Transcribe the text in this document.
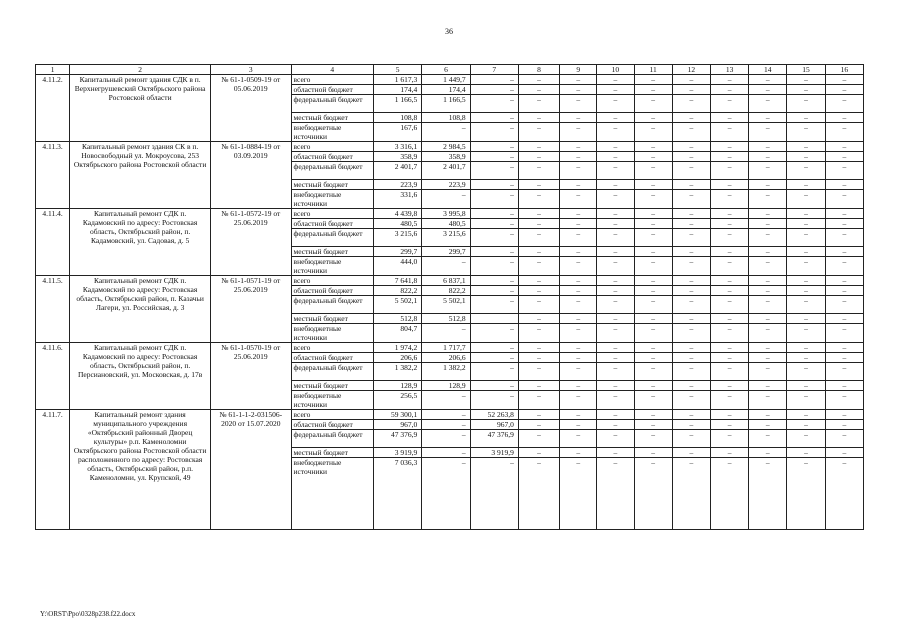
36
1	2	3	4	5	6	7	8	9	10	11	12	13	14	15	16
4.11.2.	Капитальный ремонт здания СДК в п. Верхнегрушевский Октябрьского района Ростовской области	№ 61-1-0509-19 от 05.06.2019	всего	1 617,3	1 449,7	–	–	–	–	–	–	–	–	–	–
			областной бюджет	174,4	174,4	–	–	–	–	–	–	–	–	–	–
			федеральный бюджет	1 166,5	1 166,5	–	–	–	–	–	–	–	–	–	–
			местный бюджет	108,8	108,8	–	–	–	–	–	–	–	–	–	–
			внебюджетные источники	167,6	–	–	–	–	–	–	–	–	–	–	–
4.11.3.	Капитальный ремонт здания СК в п. Новосвободный ул. Мокроусова, 253 Октябрьского района Ростовской области	№ 61-1-0884-19 от 03.09.2019	всего	3 316,1	2 984,5	–	–	–	–	–	–	–	–	–	–
			областной бюджет	358,9	358,9	–	–	–	–	–	–	–	–	–	–
			федеральный бюджет	2 401,7	2 401,7	–	–	–	–	–	–	–	–	–	–
			местный бюджет	223,9	223,9	–	–	–	–	–	–	–	–	–	–
			внебюджетные источники	331,6	–	–	–	–	–	–	–	–	–	–	–
4.11.4.	Капитальный ремонт СДК п. Кадамовский по адресу: Ростовская область, Октябрьский район, п. Кадамовский, ул. Садовая, д. 5	№ 61-1-0572-19 от 25.06.2019	всего	4 439,8	3 995,8	–	–	–	–	–	–	–	–	–	–
			областной бюджет	480,5	480,5	–	–	–	–	–	–	–	–	–	–
			федеральный бюджет	3 215,6	3 215,6	–	–	–	–	–	–	–	–	–	–
			местный бюджет	299,7	299,7	–	–	–	–	–	–	–	–	–	–
			внебюджетные источники	444,0	–	–	–	–	–	–	–	–	–	–	–
4.11.5.	Капитальный ремонт СДК п. Кадамовский по адресу: Ростовская область, Октябрьский район, п. Казачьи Лагери, ул. Российская, д. 3	№ 61-1-0571-19 от 25.06.2019	всего	7 641,8	6 837,1	–	–	–	–	–	–	–	–	–	–
			областной бюджет	822,2	822,2	–	–	–	–	–	–	–	–	–	–
			федеральный бюджет	5 502,1	5 502,1	–	–	–	–	–	–	–	–	–	–
			местный бюджет	512,8	512,8		–	–	–	–	–	–	–	–	–
			внебюджетные источники	804,7	–	–	–	–	–	–	–	–	–	–	–
4.11.6.	Капитальный ремонт СДК п. Кадамовский по адресу: Ростовская область, Октябрьский район, п. Персиановский, ул. Московская, д. 17в	№ 61-1-0570-19 от 25.06.2019	всего	1 974,2	1 717,7	–	–	–	–	–	–	–	–	–	–
			областной бюджет	206,6	206,6	–	–	–	–	–	–	–	–	–	–
			федеральный бюджет	1 382,2	1 382,2	–	–	–	–	–	–	–	–	–	–
			местный бюджет	128,9	128,9	–	–	–	–	–	–	–	–	–	–
			внебюджетные источники	256,5	–	–	–	–	–	–	–	–	–	–	–
4.11.7.	Капитальный ремонт здания муниципального учреждения «Октябрьский районный Дворец культуры» р.п. Каменоломни Октябрьского района Ростовской области расположенного по адресу: Ростовская область, Октябрьский район, р.п. Каменоломни, ул. Крупской, 49	№ 61-1-1-2-031506-2020 от 15.07.2020	всего	59 300,1	–	52 263,8	–	–	–	–	–	–	–	–	–
			областной бюджет	967,0	–	967,0	–	–	–	–	–	–	–	–	–
			федеральный бюджет	47 376,9	–	47 376,9	–	–	–	–	–	–	–	–	–
			местный бюджет	3 919,9	–	3 919,9	–	–	–	–	–	–	–	–	–
			внебюджетные источники	7 036,3	–	–	–	–	–	–	–	–	–	–	–
Y:\ORST\Ppo\0328p238.f22.docx
